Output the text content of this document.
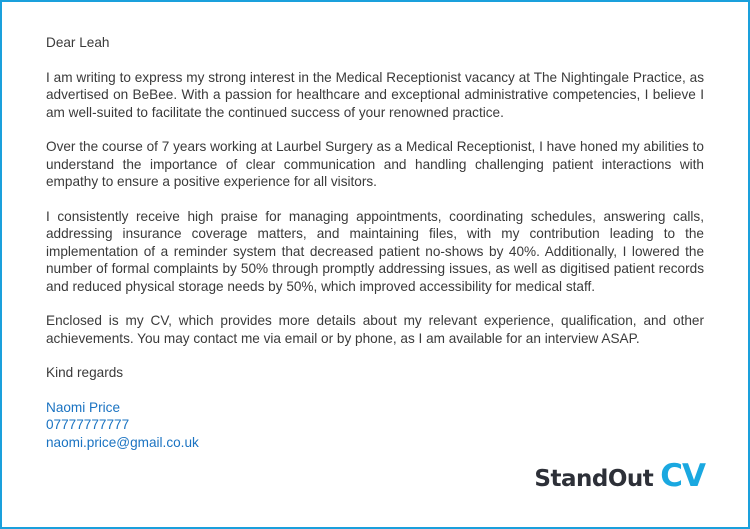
Dear Leah

I am writing to express my strong interest in the Medical Receptionist vacancy at The Nightingale Practice, as advertised on BeBee. With a passion for healthcare and exceptional administrative competencies, I believe I am well-suited to facilitate the continued success of your renowned practice.

Over the course of 7 years working at Laurbel Surgery as a Medical Receptionist, I have honed my abilities to understand the importance of clear communication and handling challenging patient interactions with empathy to ensure a positive experience for all visitors.

I consistently receive high praise for managing appointments, coordinating schedules, answering calls, addressing insurance coverage matters, and maintaining files, with my contribution leading to the implementation of a reminder system that decreased patient no-shows by 40%. Additionally, I lowered the number of formal complaints by 50% through promptly addressing issues, as well as digitised patient records and reduced physical storage needs by 50%, which improved accessibility for medical staff.

Enclosed is my CV, which provides more details about my relevant experience, qualification, and other achievements. You may contact me via email or by phone, as I am available for an interview ASAP.

Kind regards

Naomi Price
07777777777
naomi.price@gmail.co.uk
StandOut CV
